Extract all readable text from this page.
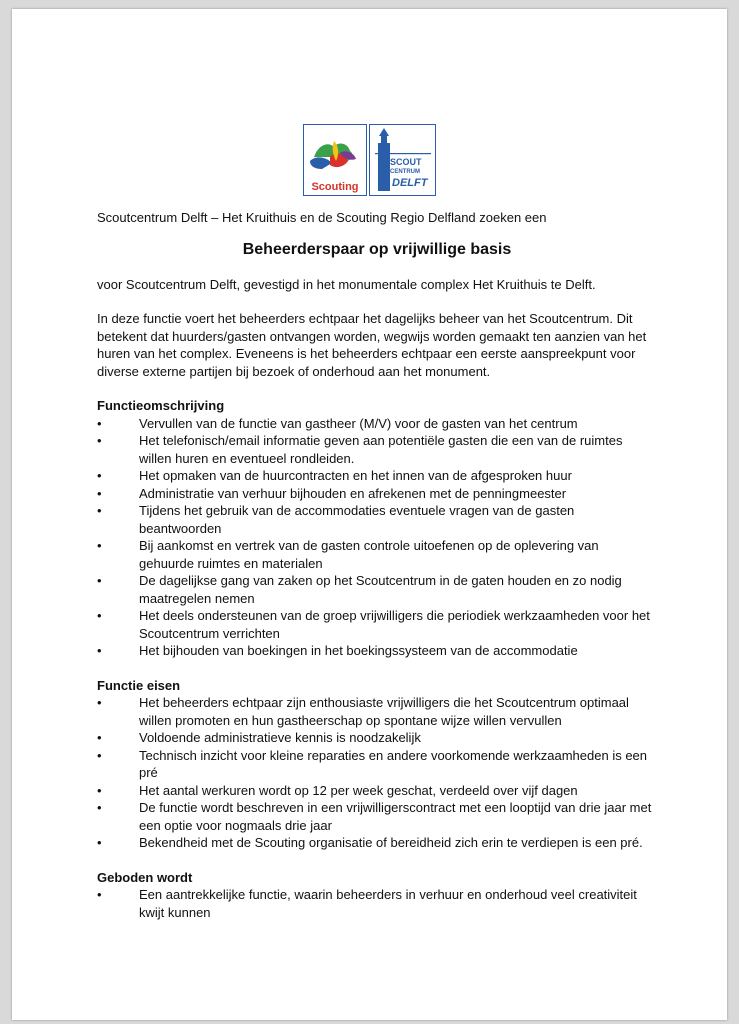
Scouting
SCOUT
CENTRUM
DELFT

Scoutcentrum Delft – Het Kruithuis en de Scouting Regio Delfland zoeken een

Beheerderspaar op vrijwillige basis

voor Scoutcentrum Delft, gevestigd in het monumentale complex Het Kruithuis te Delft.

In deze functie voert het beheerders echtpaar het dagelijks beheer van het Scoutcentrum. Dit betekent dat huurders/gasten ontvangen worden, wegwijs worden gemaakt ten aanzien van het huren van het complex. Eveneens is het beheerders echtpaar een eerste aanspreekpunt voor diverse externe partijen bij bezoek of onderhoud aan het monument.

Functieomschrijving
• Vervullen van de functie van gastheer (M/V) voor de gasten van het centrum
• Het telefonisch/email informatie geven aan potentiële gasten die een van de ruimtes willen huren en eventueel rondleiden.
• Het opmaken van de huurcontracten en het innen van de afgesproken huur
• Administratie van verhuur bijhouden en afrekenen met de penningmeester
• Tijdens het gebruik van de accommodaties eventuele vragen van de gasten beantwoorden
• Bij aankomst en vertrek van de gasten controle uitoefenen op de oplevering van gehuurde ruimtes en materialen
• De dagelijkse gang van zaken op het Scoutcentrum in de gaten houden en zo nodig maatregelen nemen
• Het deels ondersteunen van de groep vrijwilligers die periodiek werkzaamheden voor het Scoutcentrum verrichten
• Het bijhouden van boekingen in het boekingssysteem van de accommodatie
Functie eisen
• Het beheerders echtpaar zijn enthousiaste vrijwilligers die het Scoutcentrum optimaal willen promoten en hun gastheerschap op spontane wijze willen vervullen
• Voldoende administratieve kennis is noodzakelijk
• Technisch inzicht voor kleine reparaties en andere voorkomende werkzaamheden is een pré
• Het aantal werkuren wordt op 12 per week geschat, verdeeld over vijf dagen
• De functie wordt beschreven in een vrijwilligerscontract met een looptijd van drie jaar met een optie voor nogmaals drie jaar

•	Bekendheid met de Scouting organisatie of bereidheid zich erin te verdiepen is een pré.

Geboden wordt
• Een aantrekkelijke functie, waarin beheerders in verhuur en onderhoud veel creativiteit kwijt kunnen
